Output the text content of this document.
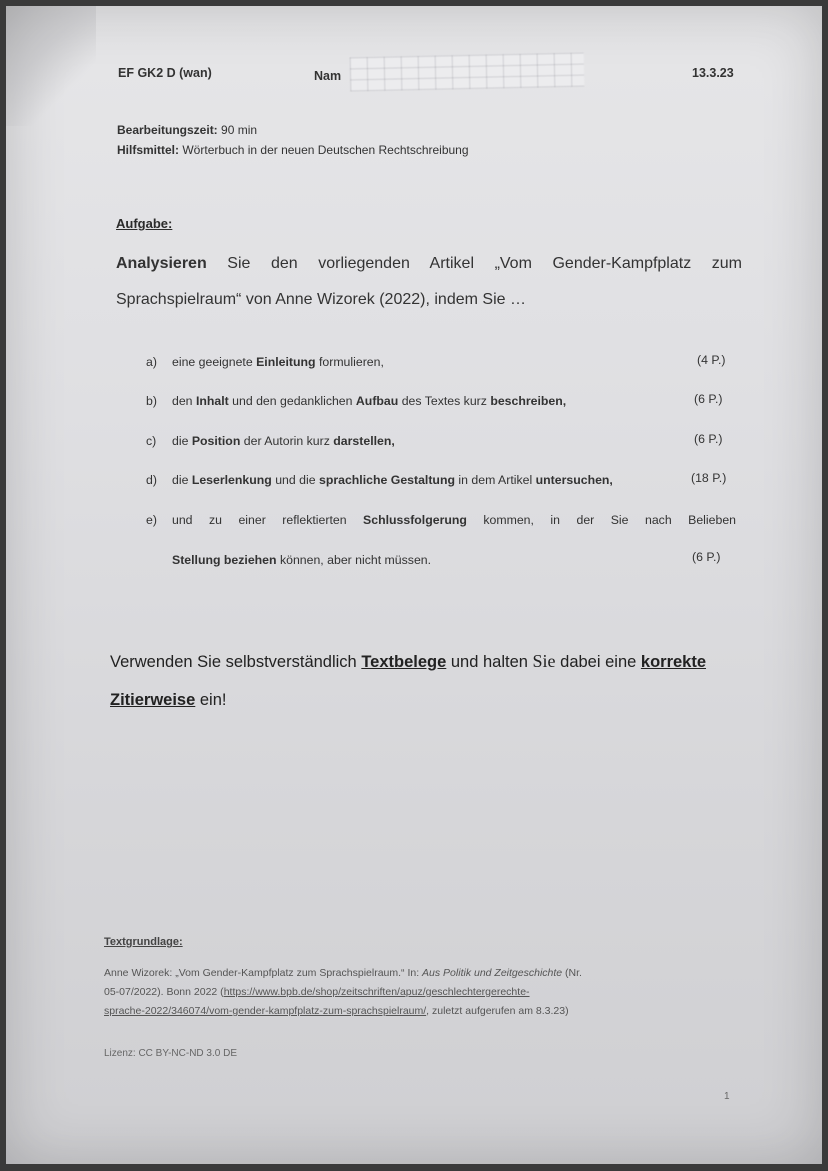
EF GK2 D (wan)	Nam	13.3.23
Bearbeitungszeit: 90 min
Hilfsmittel: Wörterbuch in der neuen Deutschen Rechtschreibung
Aufgabe:
Analysieren Sie den vorliegenden Artikel „Vom Gender-Kampfplatz zum
Sprachspielraum“ von Anne Wizorek (2022), indem Sie …
a) eine geeignete Einleitung formulieren,	(4 P.)
b) den Inhalt und den gedanklichen Aufbau des Textes kurz beschreiben,	(6 P.)
c) die Position der Autorin kurz darstellen,	(6 P.)
d) die Leserlenkung und die sprachliche Gestaltung in dem Artikel untersuchen,	(18 P.)
e) und zu einer reflektierten Schlussfolgerung kommen, in der Sie nach Belieben
Stellung beziehen können, aber nicht müssen.	(6 P.)
Verwenden Sie selbstverständlich Textbelege und halten Sie dabei eine korrekte
Zitierweise ein!
Textgrundlage:
Anne Wizorek: „Vom Gender-Kampfplatz zum Sprachspielraum.“ In: Aus Politik und Zeitgeschichte (Nr.
05-07/2022). Bonn 2022 (https://www.bpb.de/shop/zeitschriften/apuz/geschlechtergerechte-
sprache-2022/346074/vom-gender-kampfplatz-zum-sprachspielraum/, zuletzt aufgerufen am 8.3.23)
Lizenz: CC BY-NC-ND 3.0 DE
1
